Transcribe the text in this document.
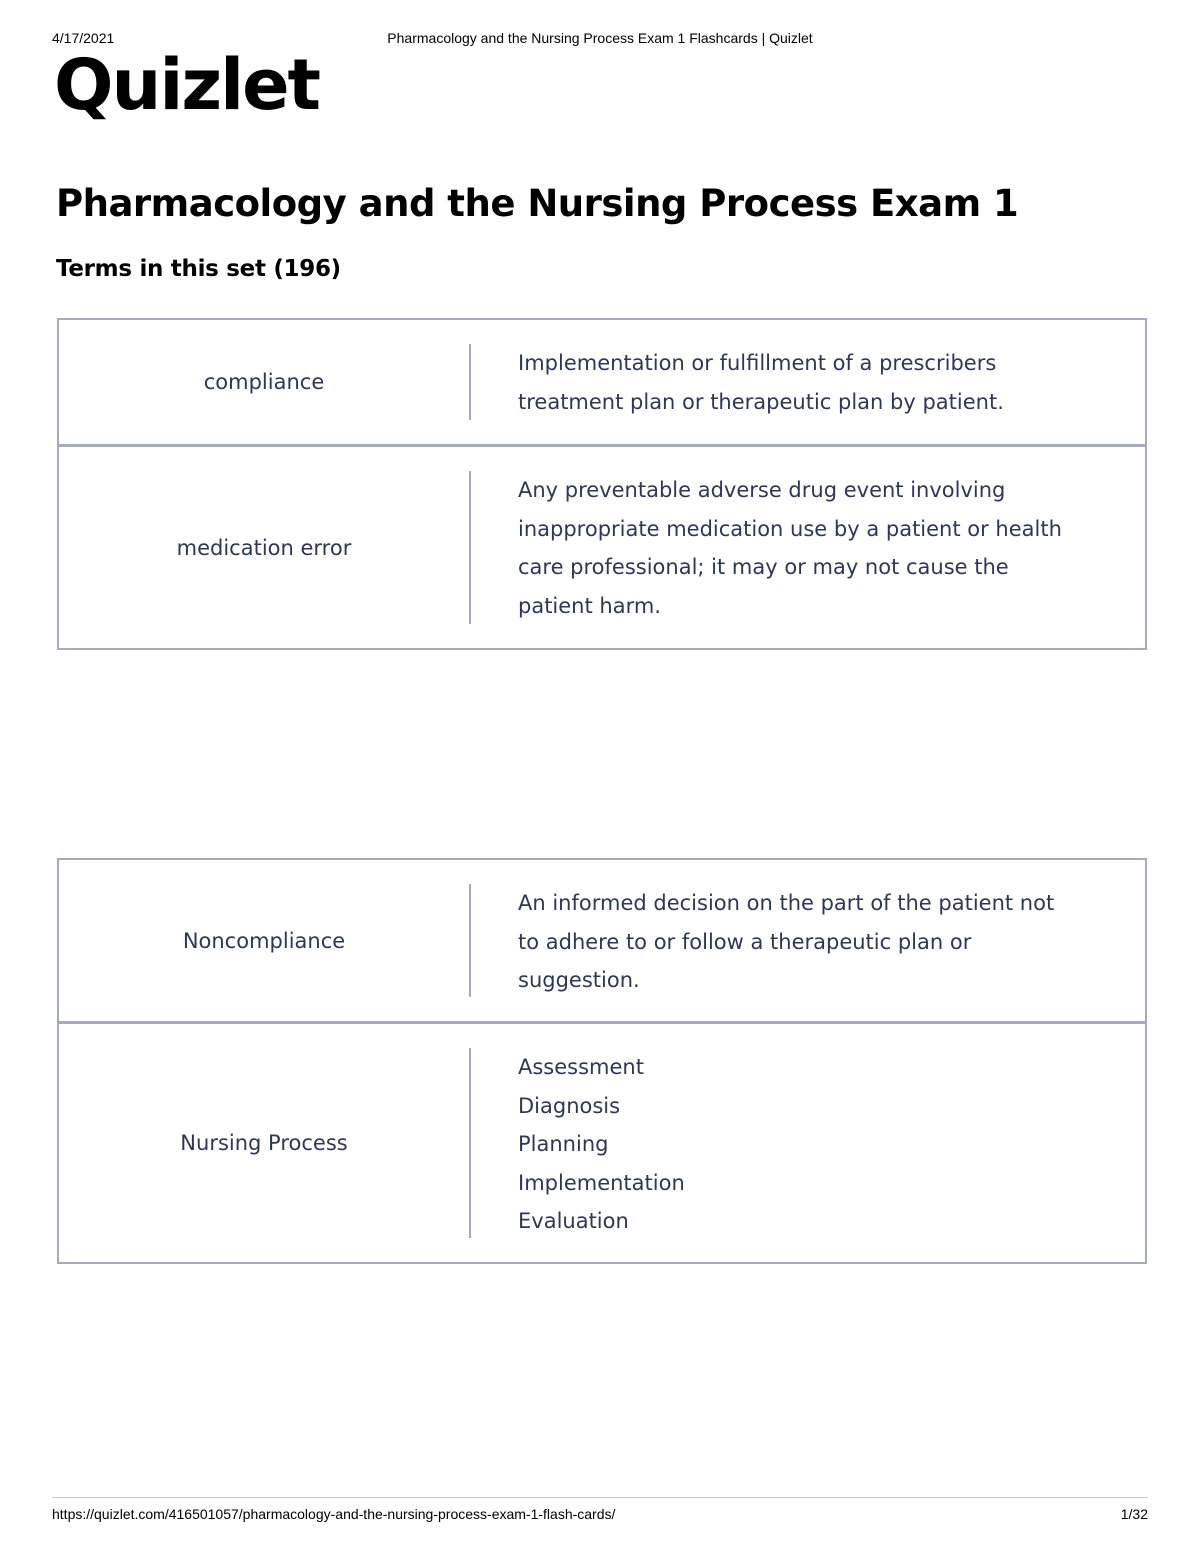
4/17/2021	Pharmacology and the Nursing Process Exam 1 Flashcards | Quizlet
Quizlet
Pharmacology and the Nursing Process Exam 1
Terms in this set (196)
compliance
Implementation or fulfillment of a prescribers
treatment plan or therapeutic plan by patient.
medication error
Any preventable adverse drug event involving
inappropriate medication use by a patient or health
care professional; it may or may not cause the
patient harm.
Noncompliance
An informed decision on the part of the patient not
to adhere to or follow a therapeutic plan or
suggestion.
Nursing Process
Assessment
Diagnosis
Planning
Implementation
Evaluation
https://quizlet.com/416501057/pharmacology-and-the-nursing-process-exam-1-flash-cards/	1/32
